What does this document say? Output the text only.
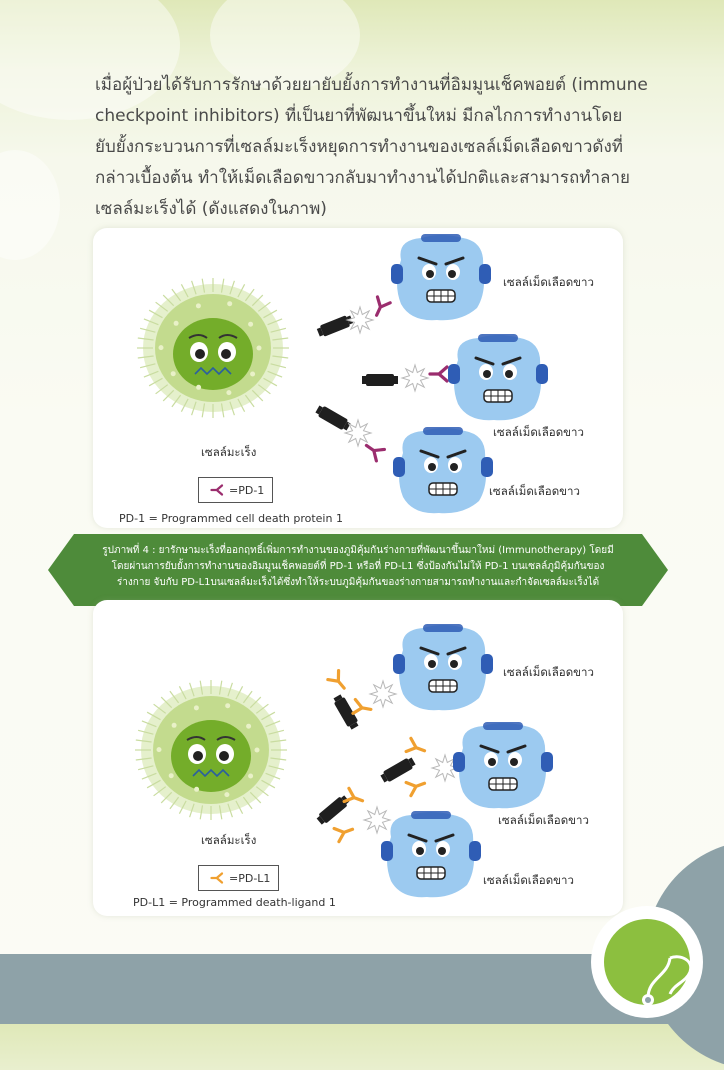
เมื่อผู้ป่วยได้รับการรักษาด้วยยายับยั้งการทำงานที่อิมมูนเช็คพอยต์ (immune checkpoint inhibitors) ที่เป็นยาที่พัฒนาขึ้นใหม่ มีกลไกการทำงานโดยยับยั้งกระบวนการที่เซลล์มะเร็งหยุดการทำงานของเซลล์เม็ดเลือดขาวดังที่กล่าวเบื้องต้น ทำให้เม็ดเลือดขาวกลับมาทำงานได้ปกติและสามารถทำลายเซลล์มะเร็งได้ (ดังแสดงในภาพ)

เซลล์เม็ดเลือดขาว
เซลล์เม็ดเลือดขาว
เซลล์เม็ดเลือดขาว
เซลล์มะเร็ง
=PD-1
PD-1 = Programmed cell death protein 1
รูปภาพที่ 4 : ยารักษามะเร็งที่ออกฤทธิ์เพิ่มการทำงานของภูมิคุ้มกันร่างกายที่พัฒนาขึ้นมาใหม่ (Immunotherapy) โดยมีโดยผ่านการยับยั้งการทำงานของอิมมูนเช็คพอยต์ที่ PD-1 หรือที่ PD-L1 ซึ่งป้องกันไม่ให้ PD-1 บนเซลล์ภูมิคุ้มกันของร่างกาย จับกับ PD-L1บนเซลล์มะเร็งได้ซึ่งทำให้ระบบภูมิคุ้มกันของร่างกายสามารถทำงานและกำจัดเซลล์มะเร็งได้
เซลล์เม็ดเลือดขาว
เซลล์เม็ดเลือดขาว
เซลล์เม็ดเลือดขาว
เซลล์มะเร็ง
=PD-L1
PD-L1 = Programmed death-ligand 1
